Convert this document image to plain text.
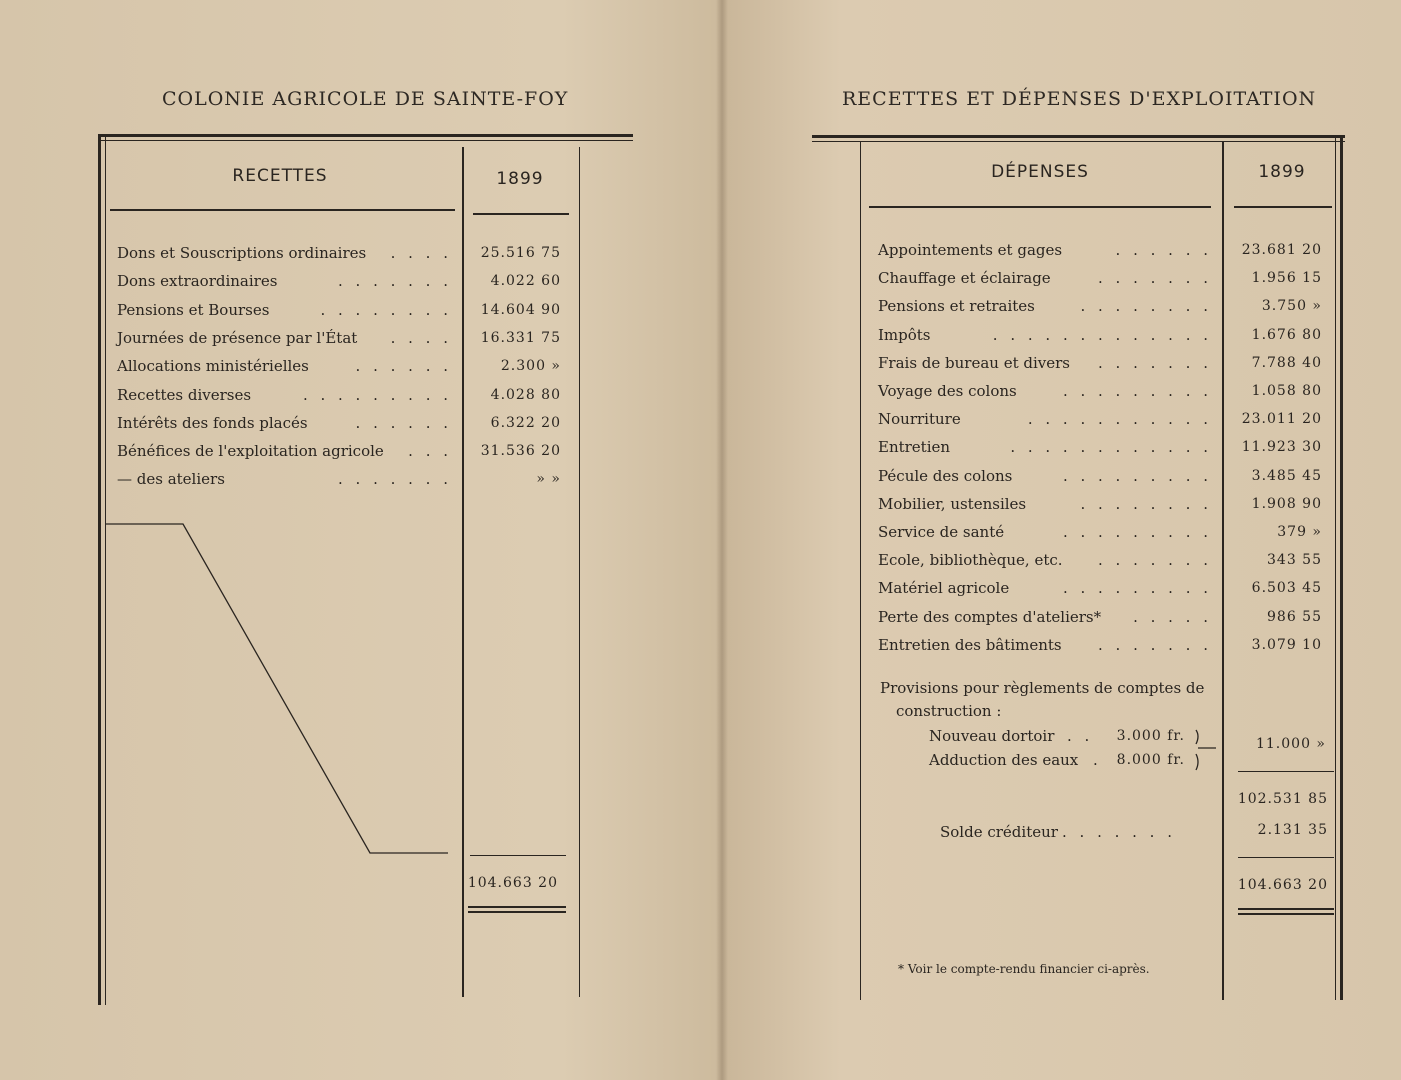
COLONIE AGRICOLE DE SAINTE-FOY
RECETTES	1899
Dons et Souscriptions ordinaires . . . . 25.516 75
Dons extraordinaires	. . . . . . .	4.022 60
Pensions et Bourses	. . . . . . . . 14.604 90
Journées de présence par l'État . . . . 16.331 75
Allocations ministérielles	. . . . . .	2.300 »
Recettes diverses	. . . . . . . . .	4.028 80
Intérêts des fonds placés	. . . . . .	6.322 20
Bénéfices de l'exploitation agricole . . . 31.536 20
— des ateliers	. . . . . . .	» »
104.663 20
RECETTES ET DÉPENSES D'EXPLOITATION
DÉPENSES	1899
Appointements et gages	. . . . . . 23.681 20
Chauffage et éclairage	. . . . . . .	1.956 15
Pensions et retraites	. . . . . . . .	3.750 »
Impôts	. . . . . . . . . . . . .	1.676 80
Frais de bureau et divers . . . . . . .	7.788 40
Voyage des colons	. . . . . . . . .	1.058 80
Nourriture	. . . . . . . . . . . 23.011 20
Entretien	. . . . . . . . . . . . 11.923 30
Pécule des colons	. . . . . . . . .	3.485 45
Mobilier, ustensiles	. . . . . . . .	1.908 90
Service de santé	. . . . . . . . .	379 »
Ecole, bibliothèque, etc. . . . . . . .	343 55
Matériel agricole	. . . . . . . . .	6.503 45
Perte des comptes d'ateliers* . . . . .	986 55
Entretien des bâtiments . . . . . . .	3.079 10
Provisions pour règlements de comptes de
construction :
Nouveau dortoir . . 3.000 fr.
Adduction des eaux . 8.000 fr.
11.000 »
102.531 85
Solde créditeur . . . . . . .	2.131 35
104.663 20
* Voir le compte-rendu financier ci-après.
